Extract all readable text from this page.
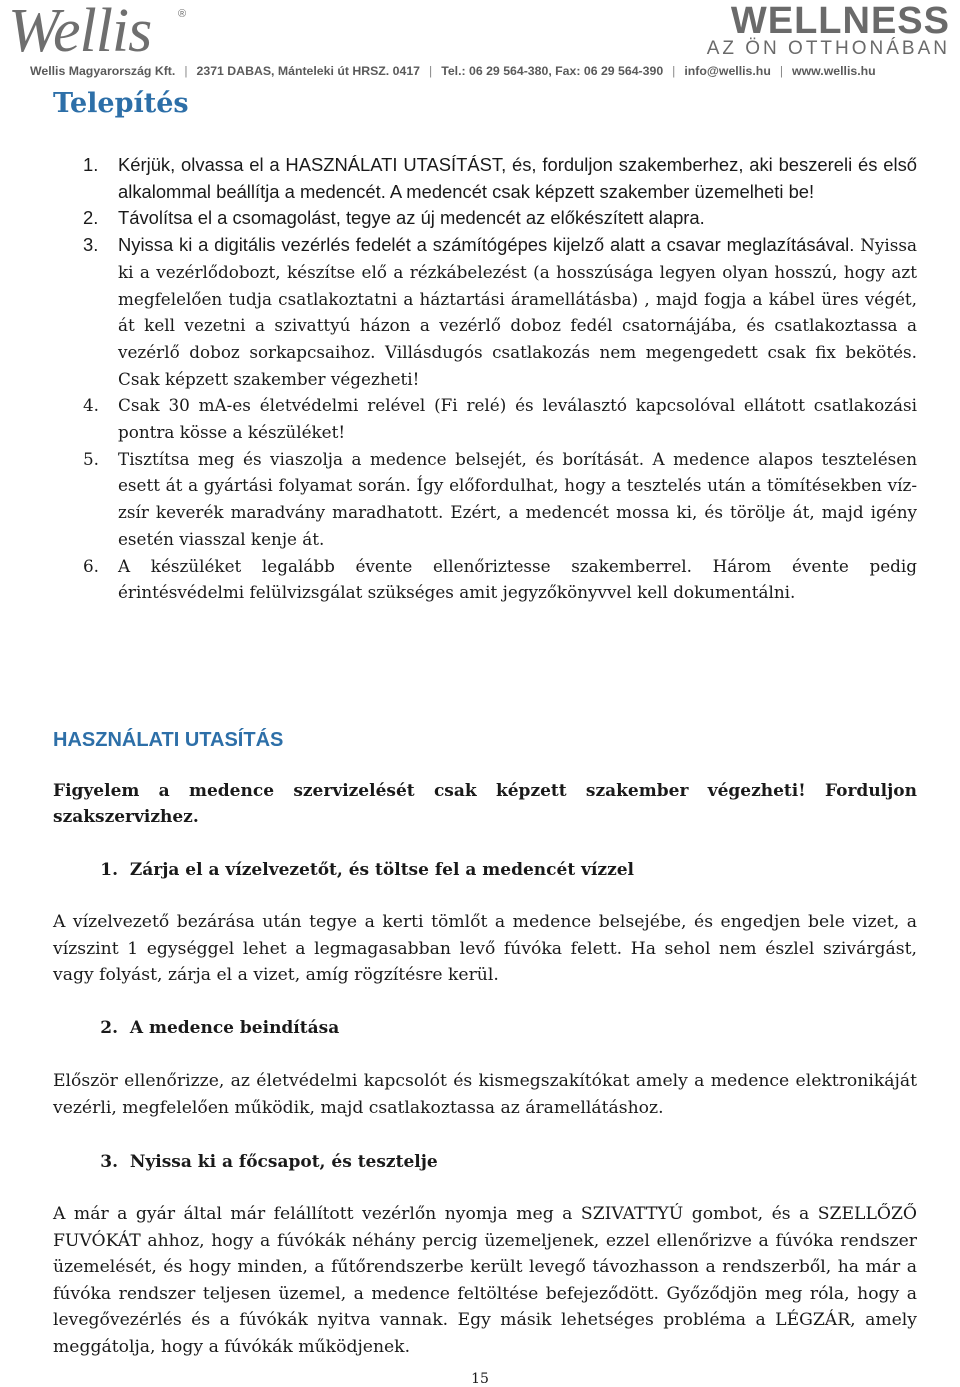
Wellis ®	WELLNESS
AZ ÖN OTTHONÁBAN
Wellis Magyarország Kft. | 2371 DABAS, Mánteleki út HRSZ. 0417 | Tel.: 06 29 564-380, Fax: 06 29 564-390 | info@wellis.hu | www.wellis.hu
Telepítés
1. Kérjük, olvassa el a HASZNÁLATI UTASÍTÁST, és, forduljon szakemberhez, aki beszereli és első alkalommal beállítja a medencét. A medencét csak képzett szakember üzemelheti be!
2. Távolítsa el a csomagolást, tegye az új medencét az előkészített alapra.
3. Nyissa ki a digitális vezérlés fedelét a számítógépes kijelző alatt a csavar meglazításával. Nyissa ki a vezérlődobozt, készítse elő a rézkábelezést (a hosszúsága legyen olyan hosszú, hogy azt megfelelően tudja csatlakoztatni a háztartási áramellátásba) , majd fogja a kábel üres végét, át kell vezetni a szivattyú házon a vezérlő doboz fedél csatornájába, és csatlakoztassa a vezérlő doboz sorkapcsaihoz. Villásdugós csatlakozás nem megengedett csak fix bekötés. Csak képzett szakember végezheti!
4. Csak 30 mA-es életvédelmi relével (Fi relé) és leválasztó kapcsolóval ellátott csatlakozási pontra kösse a készüléket!
5. Tisztítsa meg és viaszolja a medence belsejét, és borítását. A medence alapos tesztelésen esett át a gyártási folyamat során. Így előfordulhat, hogy a tesztelés után a tömítésekben víz-zsír keverék maradvány maradhatott. Ezért, a medencét mossa ki, és törölje át, majd igény esetén viasszal kenje át.
6. A készüléket legalább évente ellenőriztesse szakemberrel. Három évente pedig érintésvédelmi felülvizsgálat szükséges amit jegyzőkönyvvel kell dokumentálni.
HASZNÁLATI UTASÍTÁS

Figyelem a medence szervizelését csak képzett szakember végezheti! Forduljon szakszervizhez.

1. Zárja el a vízelvezetőt, és töltse fel a medencét vízzel

A vízelvezető bezárása után tegye a kerti tömlőt a medence belsejébe, és engedjen bele vizet, a vízszint 1 egységgel lehet a legmagasabban levő fúvóka felett. Ha sehol nem észlel szivárgást, vagy folyást, zárja el a vizet, amíg rögzítésre kerül.

2. A medence beindítása

Először ellenőrizze, az életvédelmi kapcsolót és kismegszakítókat amely a medence elektronikáját vezérli, megfelelően működik, majd csatlakoztassa az áramellátáshoz.

3. Nyissa ki a főcsapot, és tesztelje

A már a gyár által már felállított vezérlőn nyomja meg a SZIVATTYÚ gombot, és a SZELLŐZŐ FUVÓKÁT ahhoz, hogy a fúvókák néhány percig üzemeljenek, ezzel ellenőrizve a fúvóka rendszer üzemelését, és hogy minden, a fűtőrendszerbe került levegő távozhasson a rendszerből, ha már a fúvóka rendszer teljesen üzemel, a medence feltöltése befejeződött. Győződjön meg róla, hogy a levegővezérlés és a fúvókák nyitva vannak. Egy másik lehetséges probléma a LÉGZÁR, amely meggátolja, hogy a fúvókák működjenek.

15
